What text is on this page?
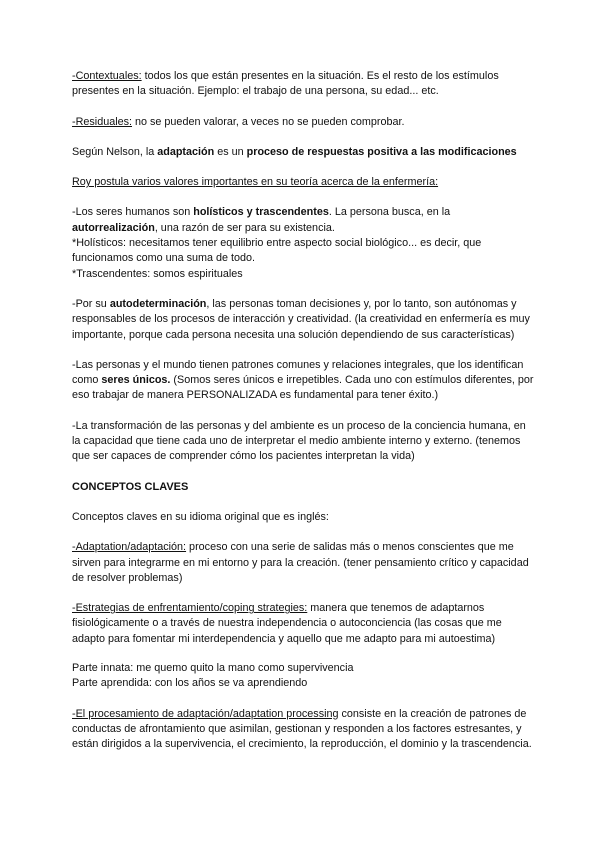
-Contextuales: todos los que están presentes en la situación. Es el resto de los estímulos presentes en la situación. Ejemplo: el trabajo de una persona, su edad... etc.

-Residuales: no se pueden valorar, a veces no se pueden comprobar.

Según Nelson, la adaptación es un proceso de respuestas positiva a las modificaciones

Roy postula varios valores importantes en su teoría acerca de la enfermería:

-Los seres humanos son holísticos y trascendentes. La persona busca, en la autorrealización, una razón de ser para su existencia.

*Holísticos: necesitamos tener equilibrio entre aspecto social biológico... es decir, que funcionamos como una suma de todo.

*Trascendentes: somos espirituales

-Por su autodeterminación, las personas toman decisiones y, por lo tanto, son autónomas y responsables de los procesos de interacción y creatividad. (la creatividad en enfermería es muy importante, porque cada persona necesita una solución dependiendo de sus características)

-Las personas y el mundo tienen patrones comunes y relaciones integrales, que los identifican como seres únicos. (Somos seres únicos e irrepetibles. Cada uno con estímulos diferentes, por eso trabajar de manera PERSONALIZADA es fundamental para tener éxito.)

-La transformación de las personas y del ambiente es un proceso de la conciencia humana, en la capacidad que tiene cada uno de interpretar el medio ambiente interno y externo. (tenemos que ser capaces de comprender cómo los pacientes interpretan la vida)

CONCEPTOS CLAVES

Conceptos claves en su idioma original que es inglés:

-Adaptation/adaptación: proceso con una serie de salidas más o menos conscientes que me sirven para integrarme en mi entorno y para la creación. (tener pensamiento crítico y capacidad de resolver problemas)

-Estrategias de enfrentamiento/coping strategies: manera que tenemos de adaptarnos fisiológicamente o a través de nuestra independencia o autoconciencia (las cosas que me adapto para fomentar mi interdependencia y aquello que me adapto para mi autoestima)

Parte innata: me quemo quito la mano como supervivencia

Parte aprendida: con los años se va aprendiendo

-El procesamiento de adaptación/adaptation processing consiste en la creación de patrones de conductas de afrontamiento que asimilan, gestionan y responden a los factores estresantes, y están dirigidos a la supervivencia, el crecimiento, la reproducción, el dominio y la trascendencia.
